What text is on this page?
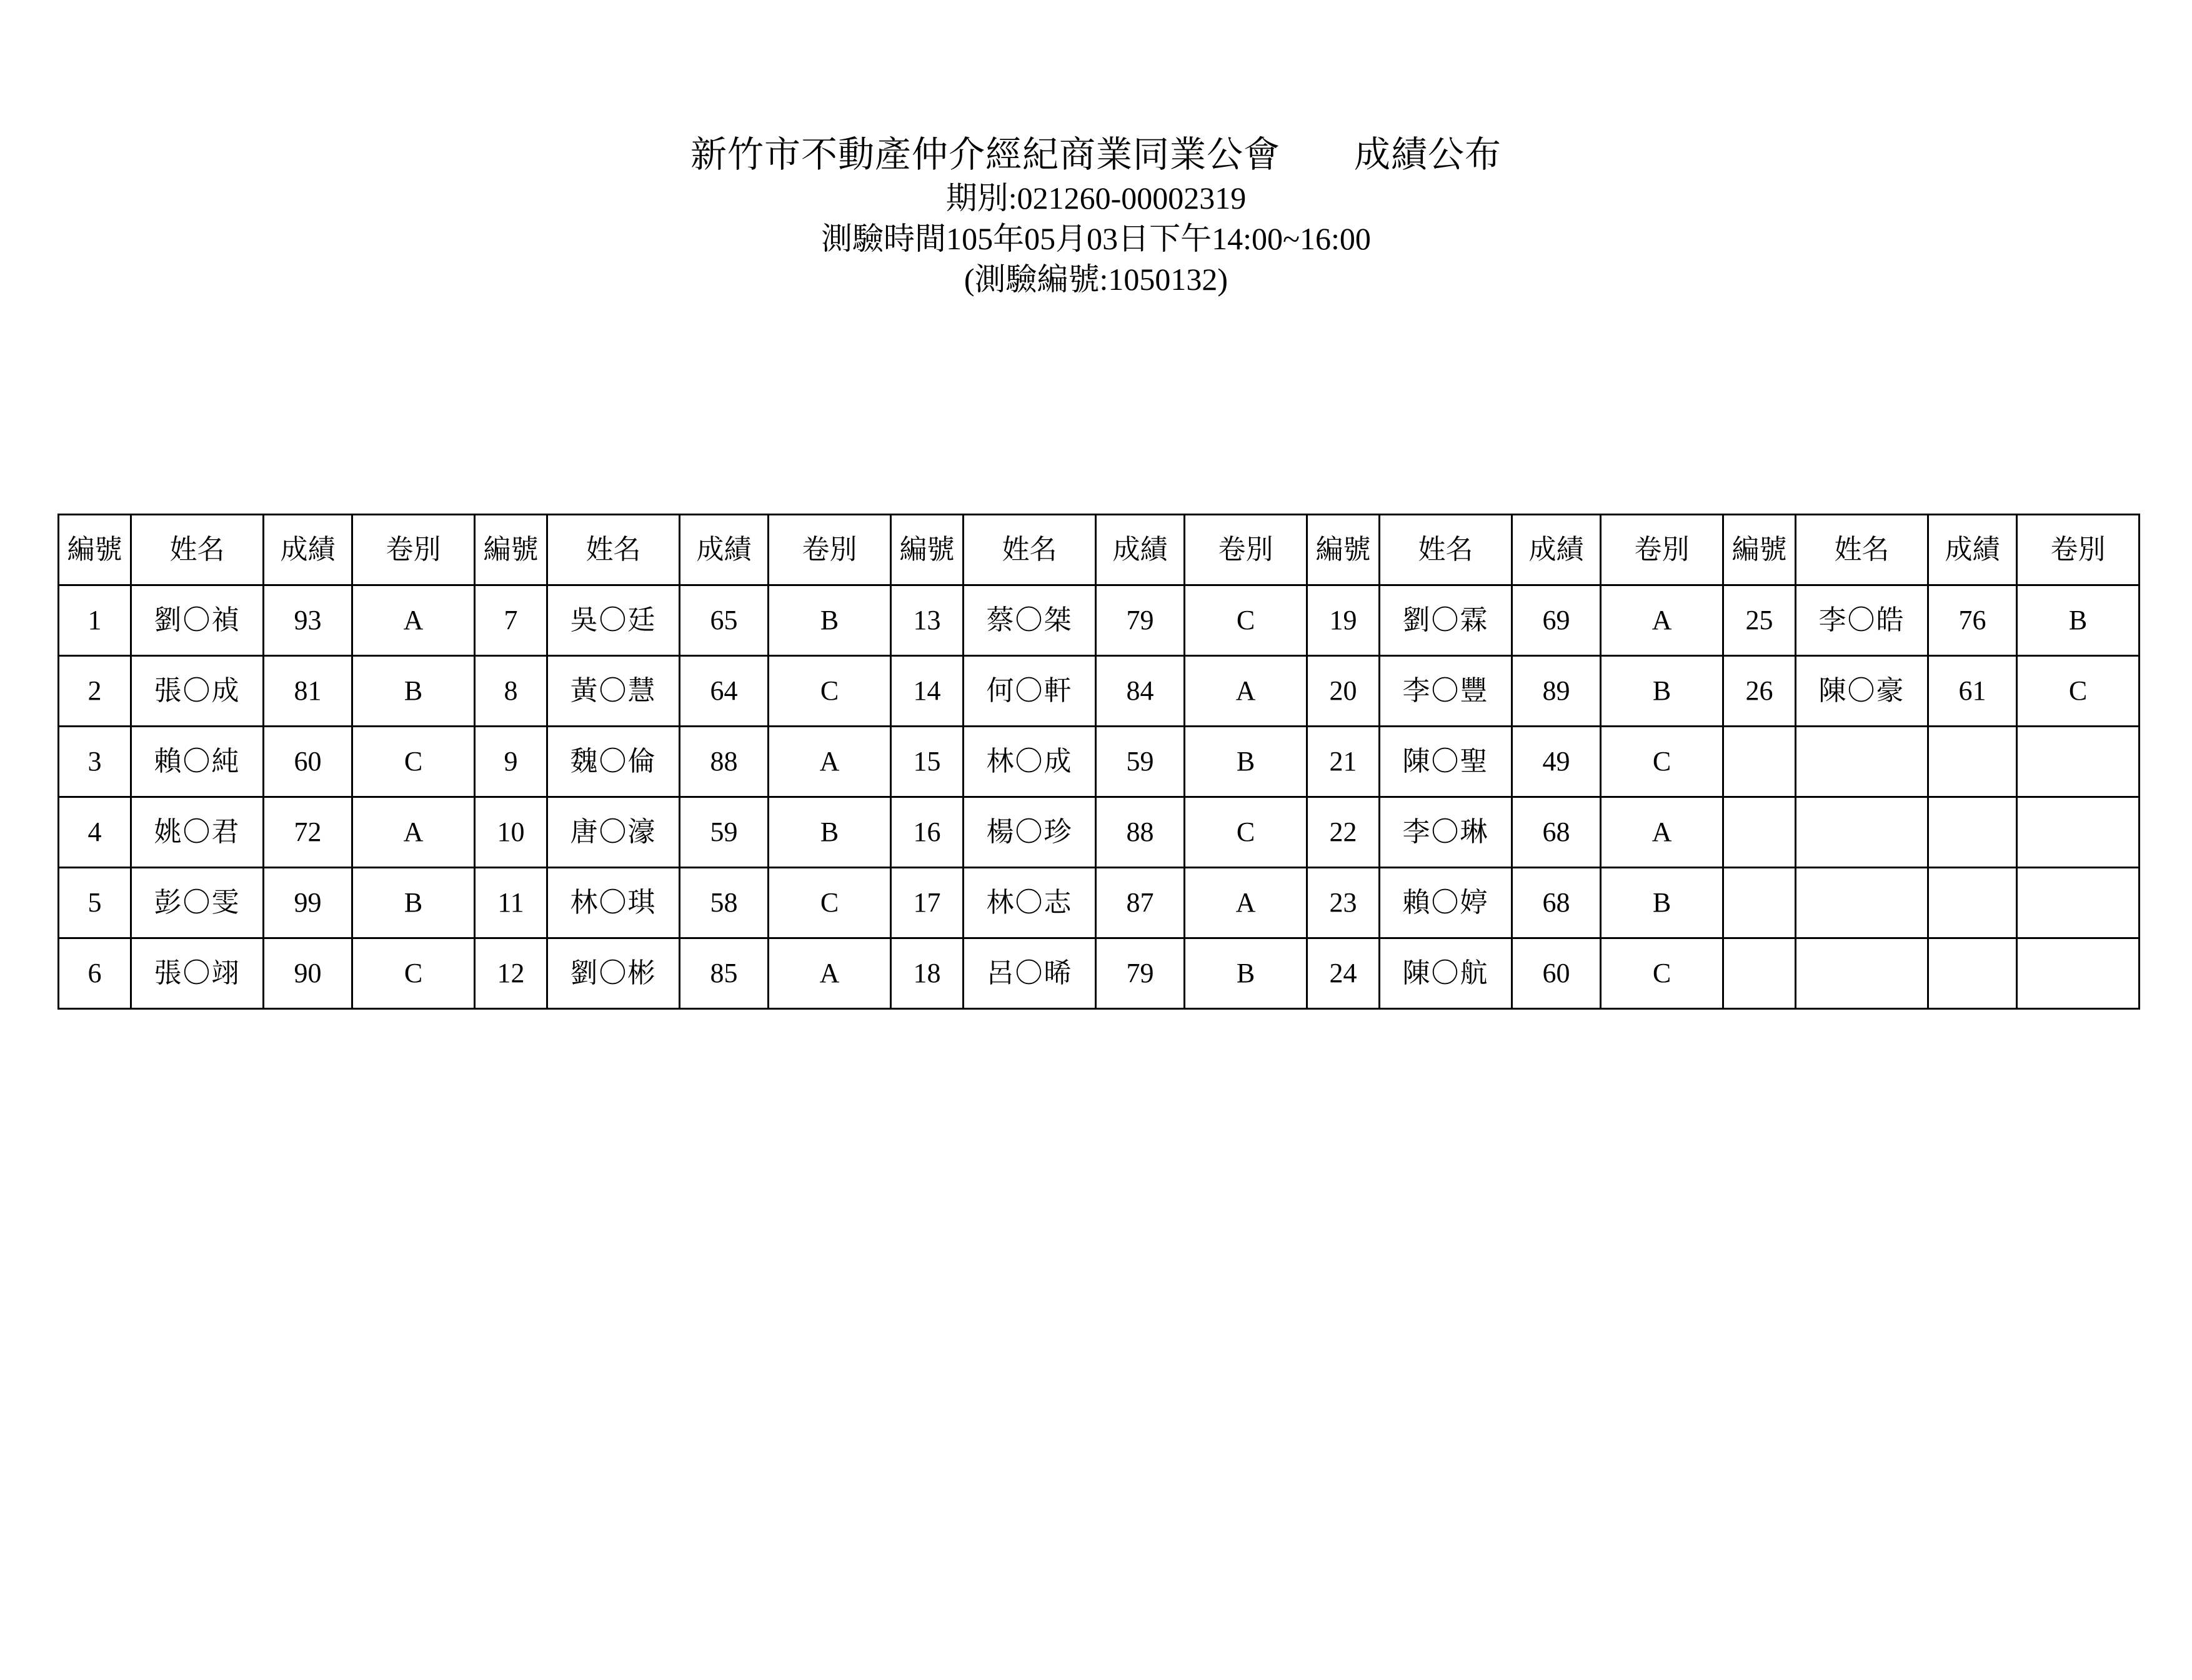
新竹市不動產仲介經紀商業同業公會　　成績公布
期別:021260-00002319
測驗時間105年05月03日下午14:00~16:00
(測驗編號:1050132)
編號	姓名	成績	卷別	編號	姓名	成績	卷別	編號	姓名	成績	卷別	編號	姓名	成績	卷別	編號	姓名	成績	卷別
1	劉〇禎	93	A	7	吳〇廷	65	B	13	蔡〇桀	79	C	19	劉〇霖	69	A	25	李〇皓	76	B
2	張〇成	81	B	8	黃〇慧	64	C	14	何〇軒	84	A	20	李〇豐	89	B	26	陳〇豪	61	C
3	賴〇純	60	C	9	魏〇倫	88	A	15	林〇成	59	B	21	陳〇聖	49	C				
4	姚〇君	72	A	10	唐〇濠	59	B	16	楊〇珍	88	C	22	李〇琳	68	A				
5	彭〇雯	99	B	11	林〇琪	58	C	17	林〇志	87	A	23	賴〇婷	68	B				
6	張〇翊	90	C	12	劉〇彬	85	A	18	呂〇晞	79	B	24	陳〇航	60	C				
